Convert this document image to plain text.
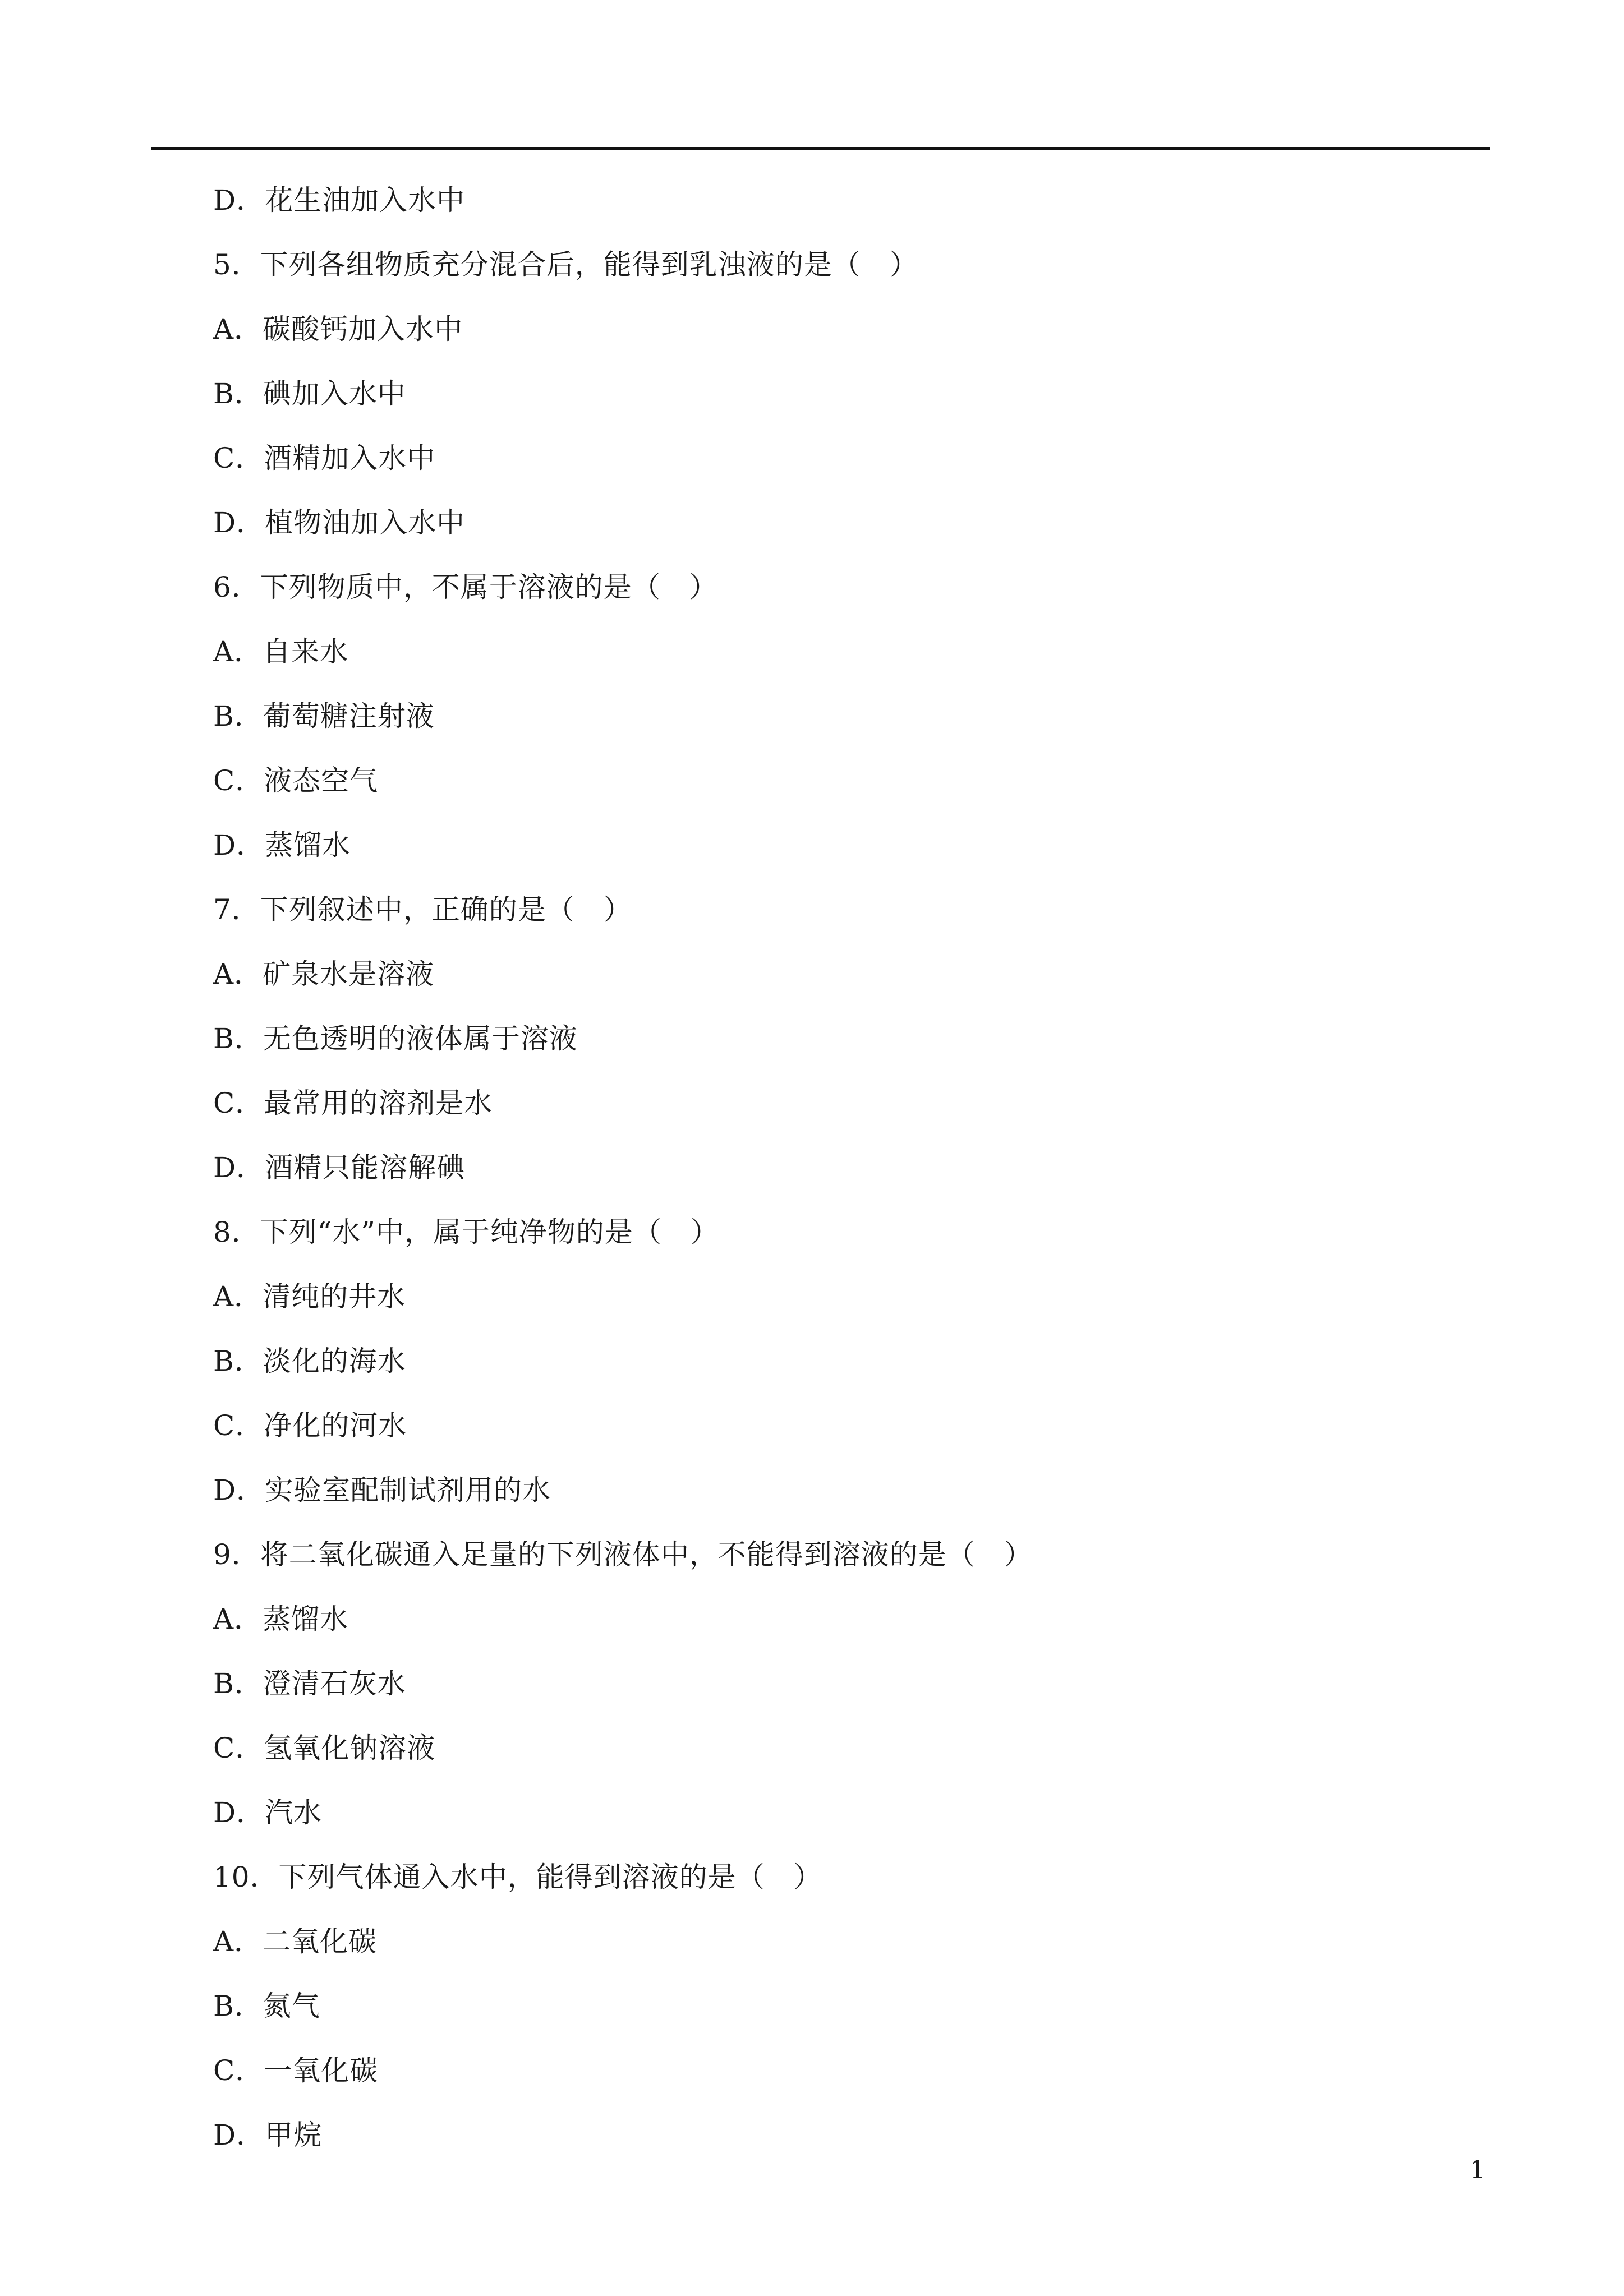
D．花生油加入水中
5．下列各组物质充分混合后，能得到乳浊液的是（　）
A．碳酸钙加入水中
B．碘加入水中
C．酒精加入水中
D．植物油加入水中
6．下列物质中，不属于溶液的是（　）
A．自来水
B．葡萄糖注射液
C．液态空气
D．蒸馏水
7．下列叙述中，正确的是（　）
A．矿泉水是溶液
B．无色透明的液体属于溶液
C．最常用的溶剂是水
D．酒精只能溶解碘
8．下列“水”中，属于纯净物的是（　）
A．清纯的井水
B．淡化的海水
C．净化的河水
D．实验室配制试剂用的水
9．将二氧化碳通入足量的下列液体中，不能得到溶液的是（　）
A．蒸馏水
B．澄清石灰水
C．氢氧化钠溶液
D．汽水
10．下列气体通入水中，能得到溶液的是（　）
A．二氧化碳
B．氮气
C．一氧化碳
D．甲烷
1
